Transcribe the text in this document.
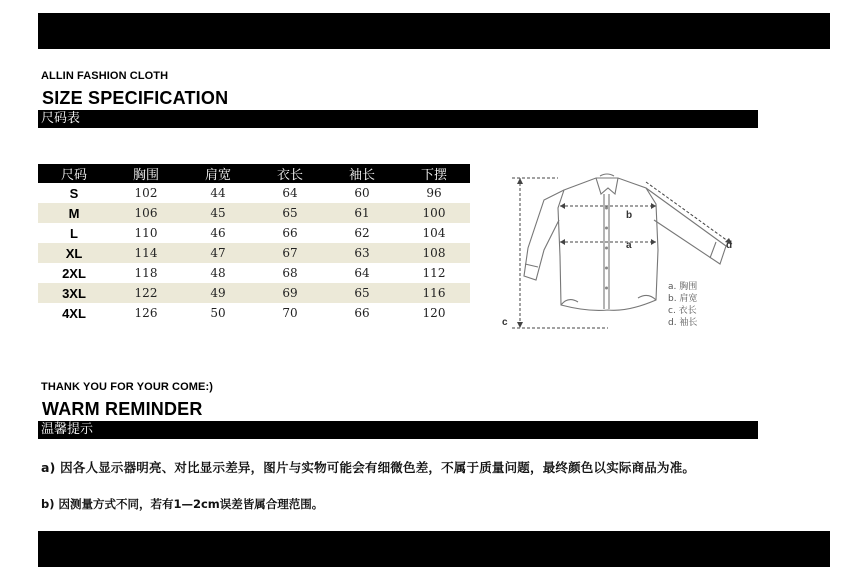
ALLIN FASHION CLOTH
SIZE SPECIFICATION
尺码表
尺码	胸围	肩宽	衣长	袖长	下摆
S	102	44	64	60	96
M	106	45	65	61	100
L	110	46	66	62	104
XL	114	47	67	63	108
2XL	118	48	68	64	112
3XL	122	49	69	65	116
4XL	126	50	70	66	120
a
b
c
d
a. 胸围
b. 肩宽
c. 衣长
d. 袖长
THANK YOU FOR YOUR COME:)
WARM REMINDER
温馨提示
a) 因各人显示器明亮、对比显示差异，图片与实物可能会有细微色差，不属于质量问题，最终颜色以实际商品为准。
b) 因测量方式不同，若有1—2cm误差皆属合理范围。
